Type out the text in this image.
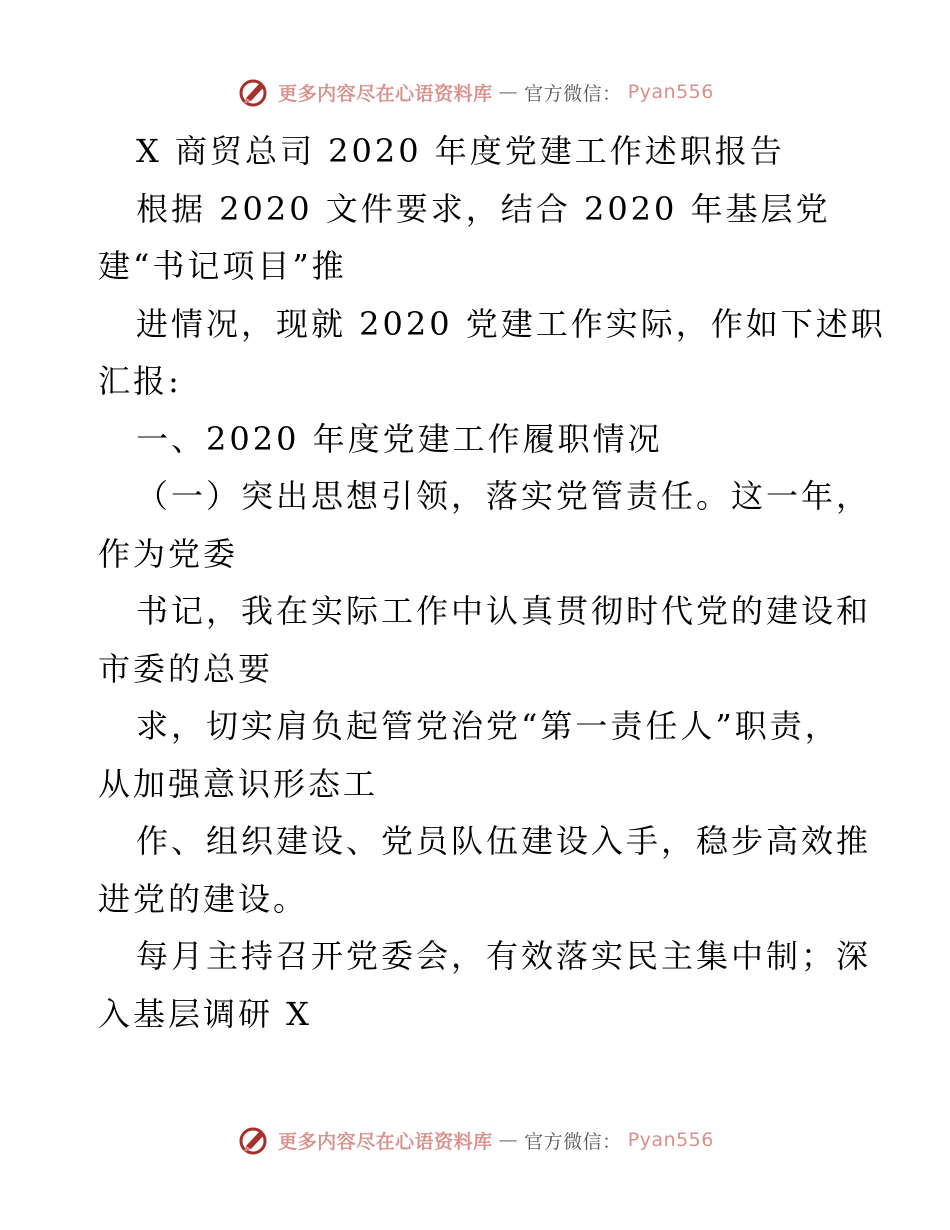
更多内容尽在心语资料库 — 官方微信： Pyan556
X 商贸总司 2020 年度党建工作述职报告
根据 2020 文件要求，结合 2020 年基层党
建“书记项目”推
进情况，现就 2020 党建工作实际，作如下述职
汇报:
一、2020 年度党建工作履职情况
（一）突出思想引领，落实党管责任。这一年，
作为党委
书记，我在实际工作中认真贯彻时代党的建设和
市委的总要
求，切实肩负起管党治党“第一责任人”职责，
从加强意识形态工
作、组织建设、党员队伍建设入手，稳步高效推
进党的建设。
每月主持召开党委会，有效落实民主集中制；深
入基层调研 X
更多内容尽在心语资料库 — 官方微信： Pyan556
